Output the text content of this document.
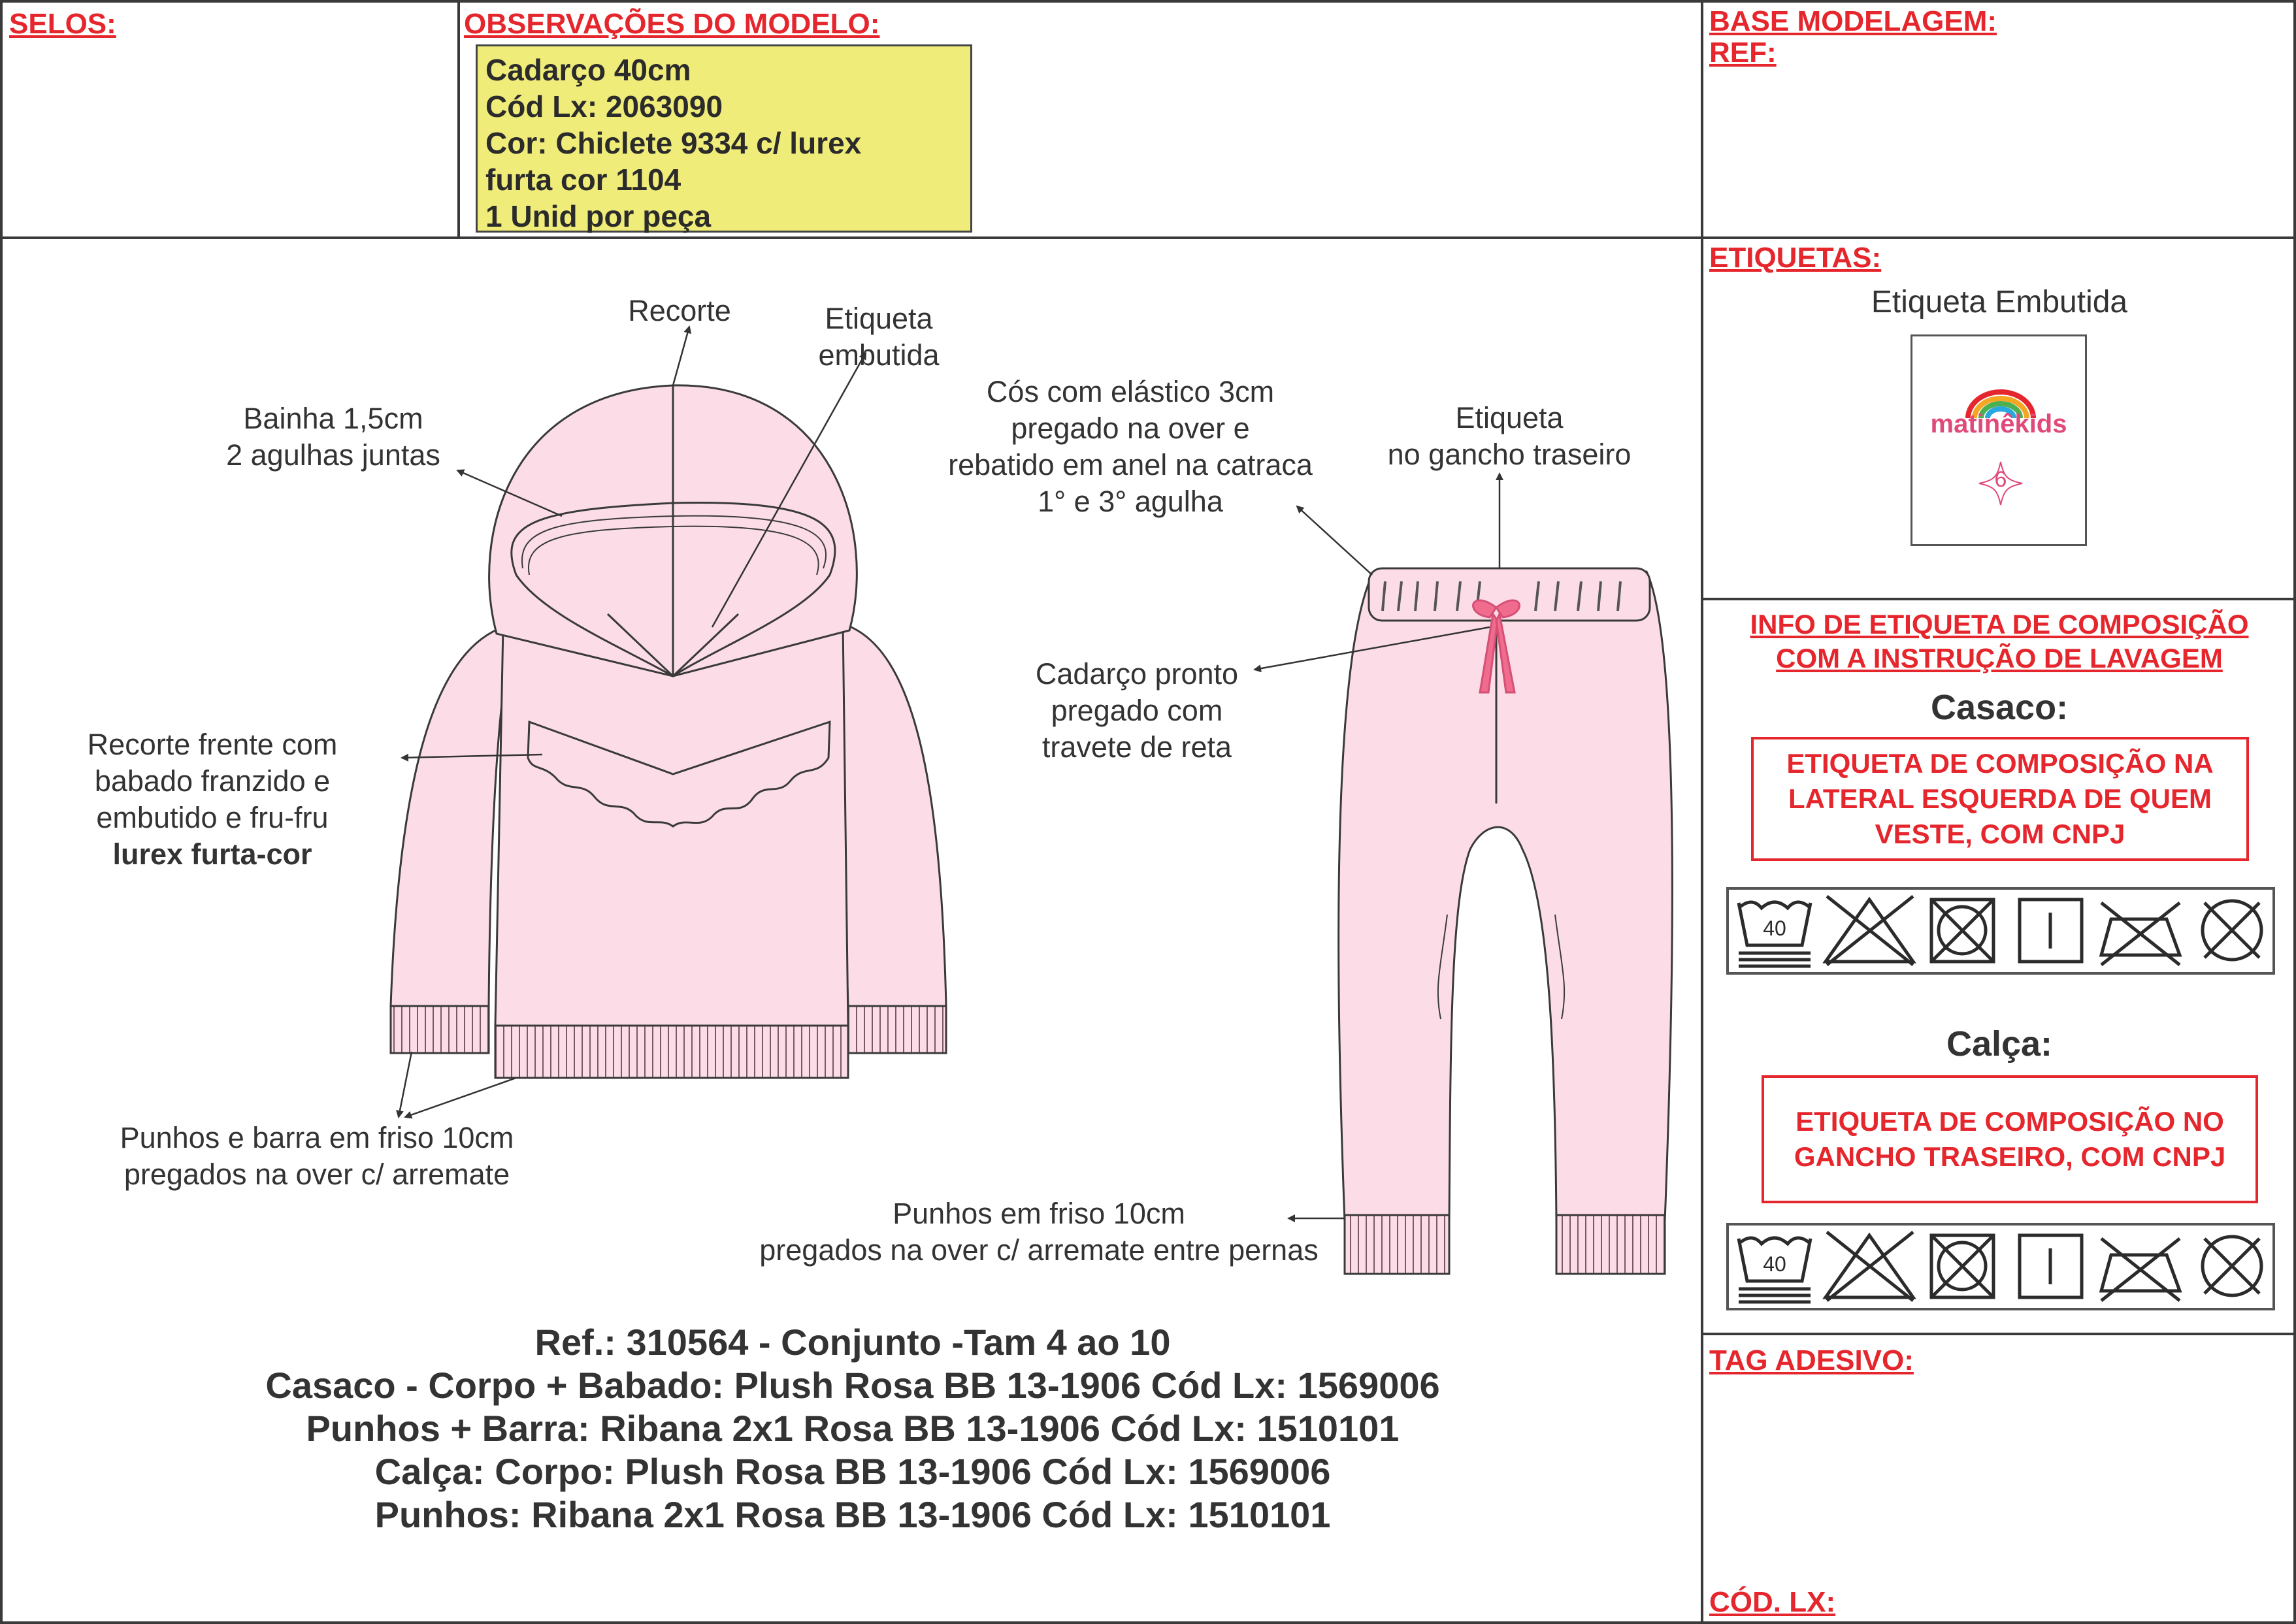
SELOS:	OBSERVAÇÕES DO MODELO:
Cadarço 40cm
Cód Lx: 2063090
Cor: Chiclete 9334 c/ lurex
furta cor 1104
1 Unid por peça
BASE MODELAGEM:
REF:
Recorte	Etiqueta
embutida
Bainha 1,5cm
2 agulhas juntas
Recorte frente com
babado franzido e
embutido e fru-fru
lurex furta-cor
Punhos e barra em friso 10cm
pregados na over c/ arremate
Cós com elástico 3cm
pregado na over e
rebatido em anel na catraca
1° e 3° agulha
Etiqueta
no gancho traseiro
Cadarço pronto
pregado com
travete de reta
Punhos em friso 10cm
pregados na over c/ arremate entre pernas
Ref.: 310564 - Conjunto -Tam 4 ao 10
Casaco - Corpo + Babado: Plush Rosa BB 13-1906 Cód Lx: 1569006
Punhos + Barra: Ribana 2x1 Rosa BB 13-1906 Cód Lx: 1510101
Calça: Corpo: Plush Rosa BB 13-1906 Cód Lx: 1569006
Punhos: Ribana 2x1 Rosa BB 13-1906 Cód Lx: 1510101
ETIQUETAS:
Etiqueta Embutida
matinêkids
6
INFO DE ETIQUETA DE COMPOSIÇÃO
COM A INSTRUÇÃO DE LAVAGEM
Casaco:
ETIQUETA DE COMPOSIÇÃO NA
LATERAL ESQUERDA DE QUEM
VESTE, COM CNPJ
40
Calça:
ETIQUETA DE COMPOSIÇÃO NO
GANCHO TRASEIRO, COM CNPJ
40
TAG ADESIVO:
CÓD. LX:
